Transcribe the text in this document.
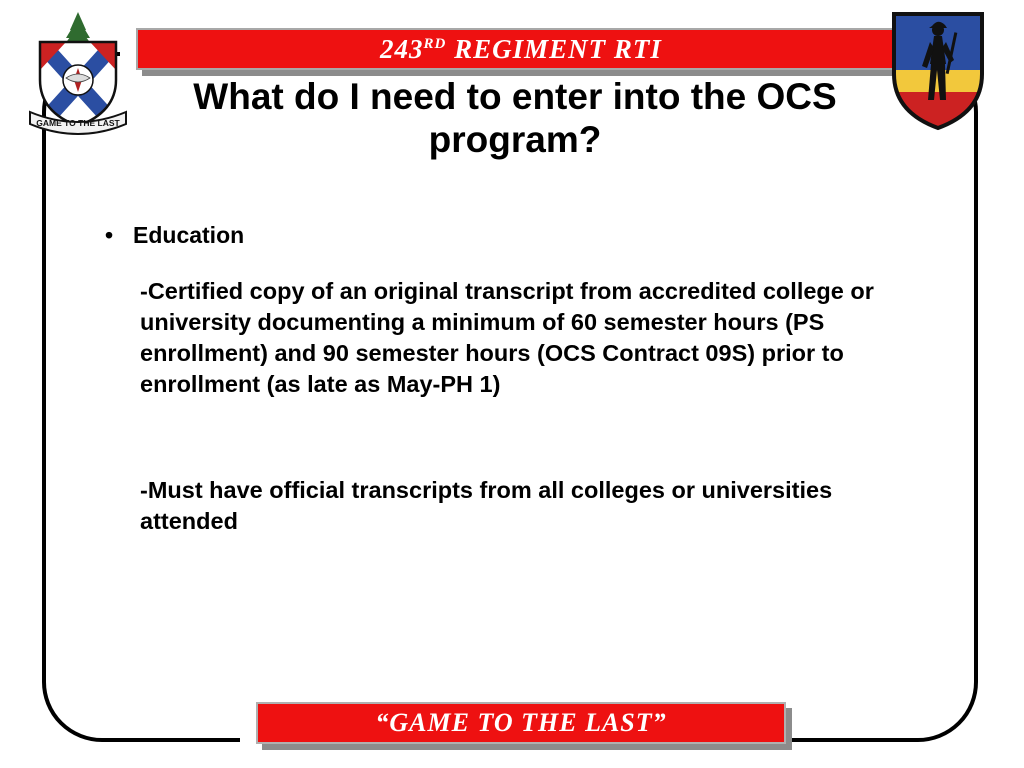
243RD REGIMENT RTI
What do I need to enter into the OCS program?
• Education
-Certified copy of an original transcript from accredited college or university documenting a minimum of 60 semester hours (PS enrollment) and 90 semester hours (OCS Contract 09S) prior to enrollment (as late as May-PH 1)
-Must have official transcripts from all colleges or universities attended
“GAME TO THE LAST”
GAME TO THE LAST
